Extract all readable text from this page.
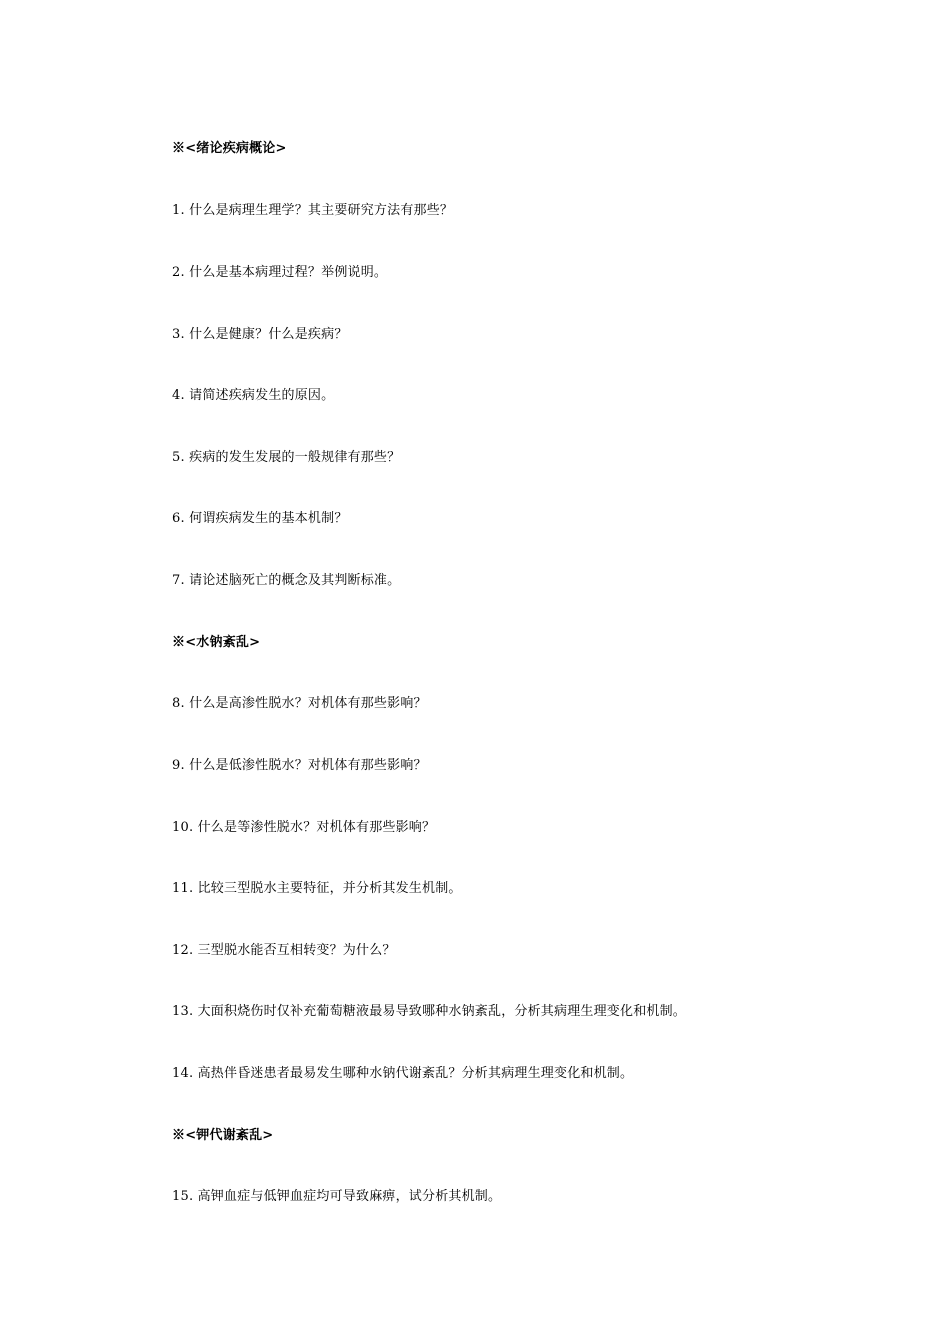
※<绪论疾病概论>
1. 什么是病理生理学？其主要研究方法有那些？
2. 什么是基本病理过程？举例说明。
3. 什么是健康？什么是疾病？
4. 请简述疾病发生的原因。
5. 疾病的发生发展的一般规律有那些？
6. 何谓疾病发生的基本机制？
7. 请论述脑死亡的概念及其判断标准。
※<水钠紊乱>
8. 什么是高渗性脱水？对机体有那些影响？
9. 什么是低渗性脱水？对机体有那些影响？
10. 什么是等渗性脱水？对机体有那些影响？
11. 比较三型脱水主要特征，并分析其发生机制。
12. 三型脱水能否互相转变？为什么？
13. 大面积烧伤时仅补充葡萄糖液最易导致哪种水钠紊乱，分析其病理生理变化和机制。
14. 高热伴昏迷患者最易发生哪种水钠代谢紊乱？分析其病理生理变化和机制。
※<钾代谢紊乱>
15. 高钾血症与低钾血症均可导致麻痹，试分析其机制。
